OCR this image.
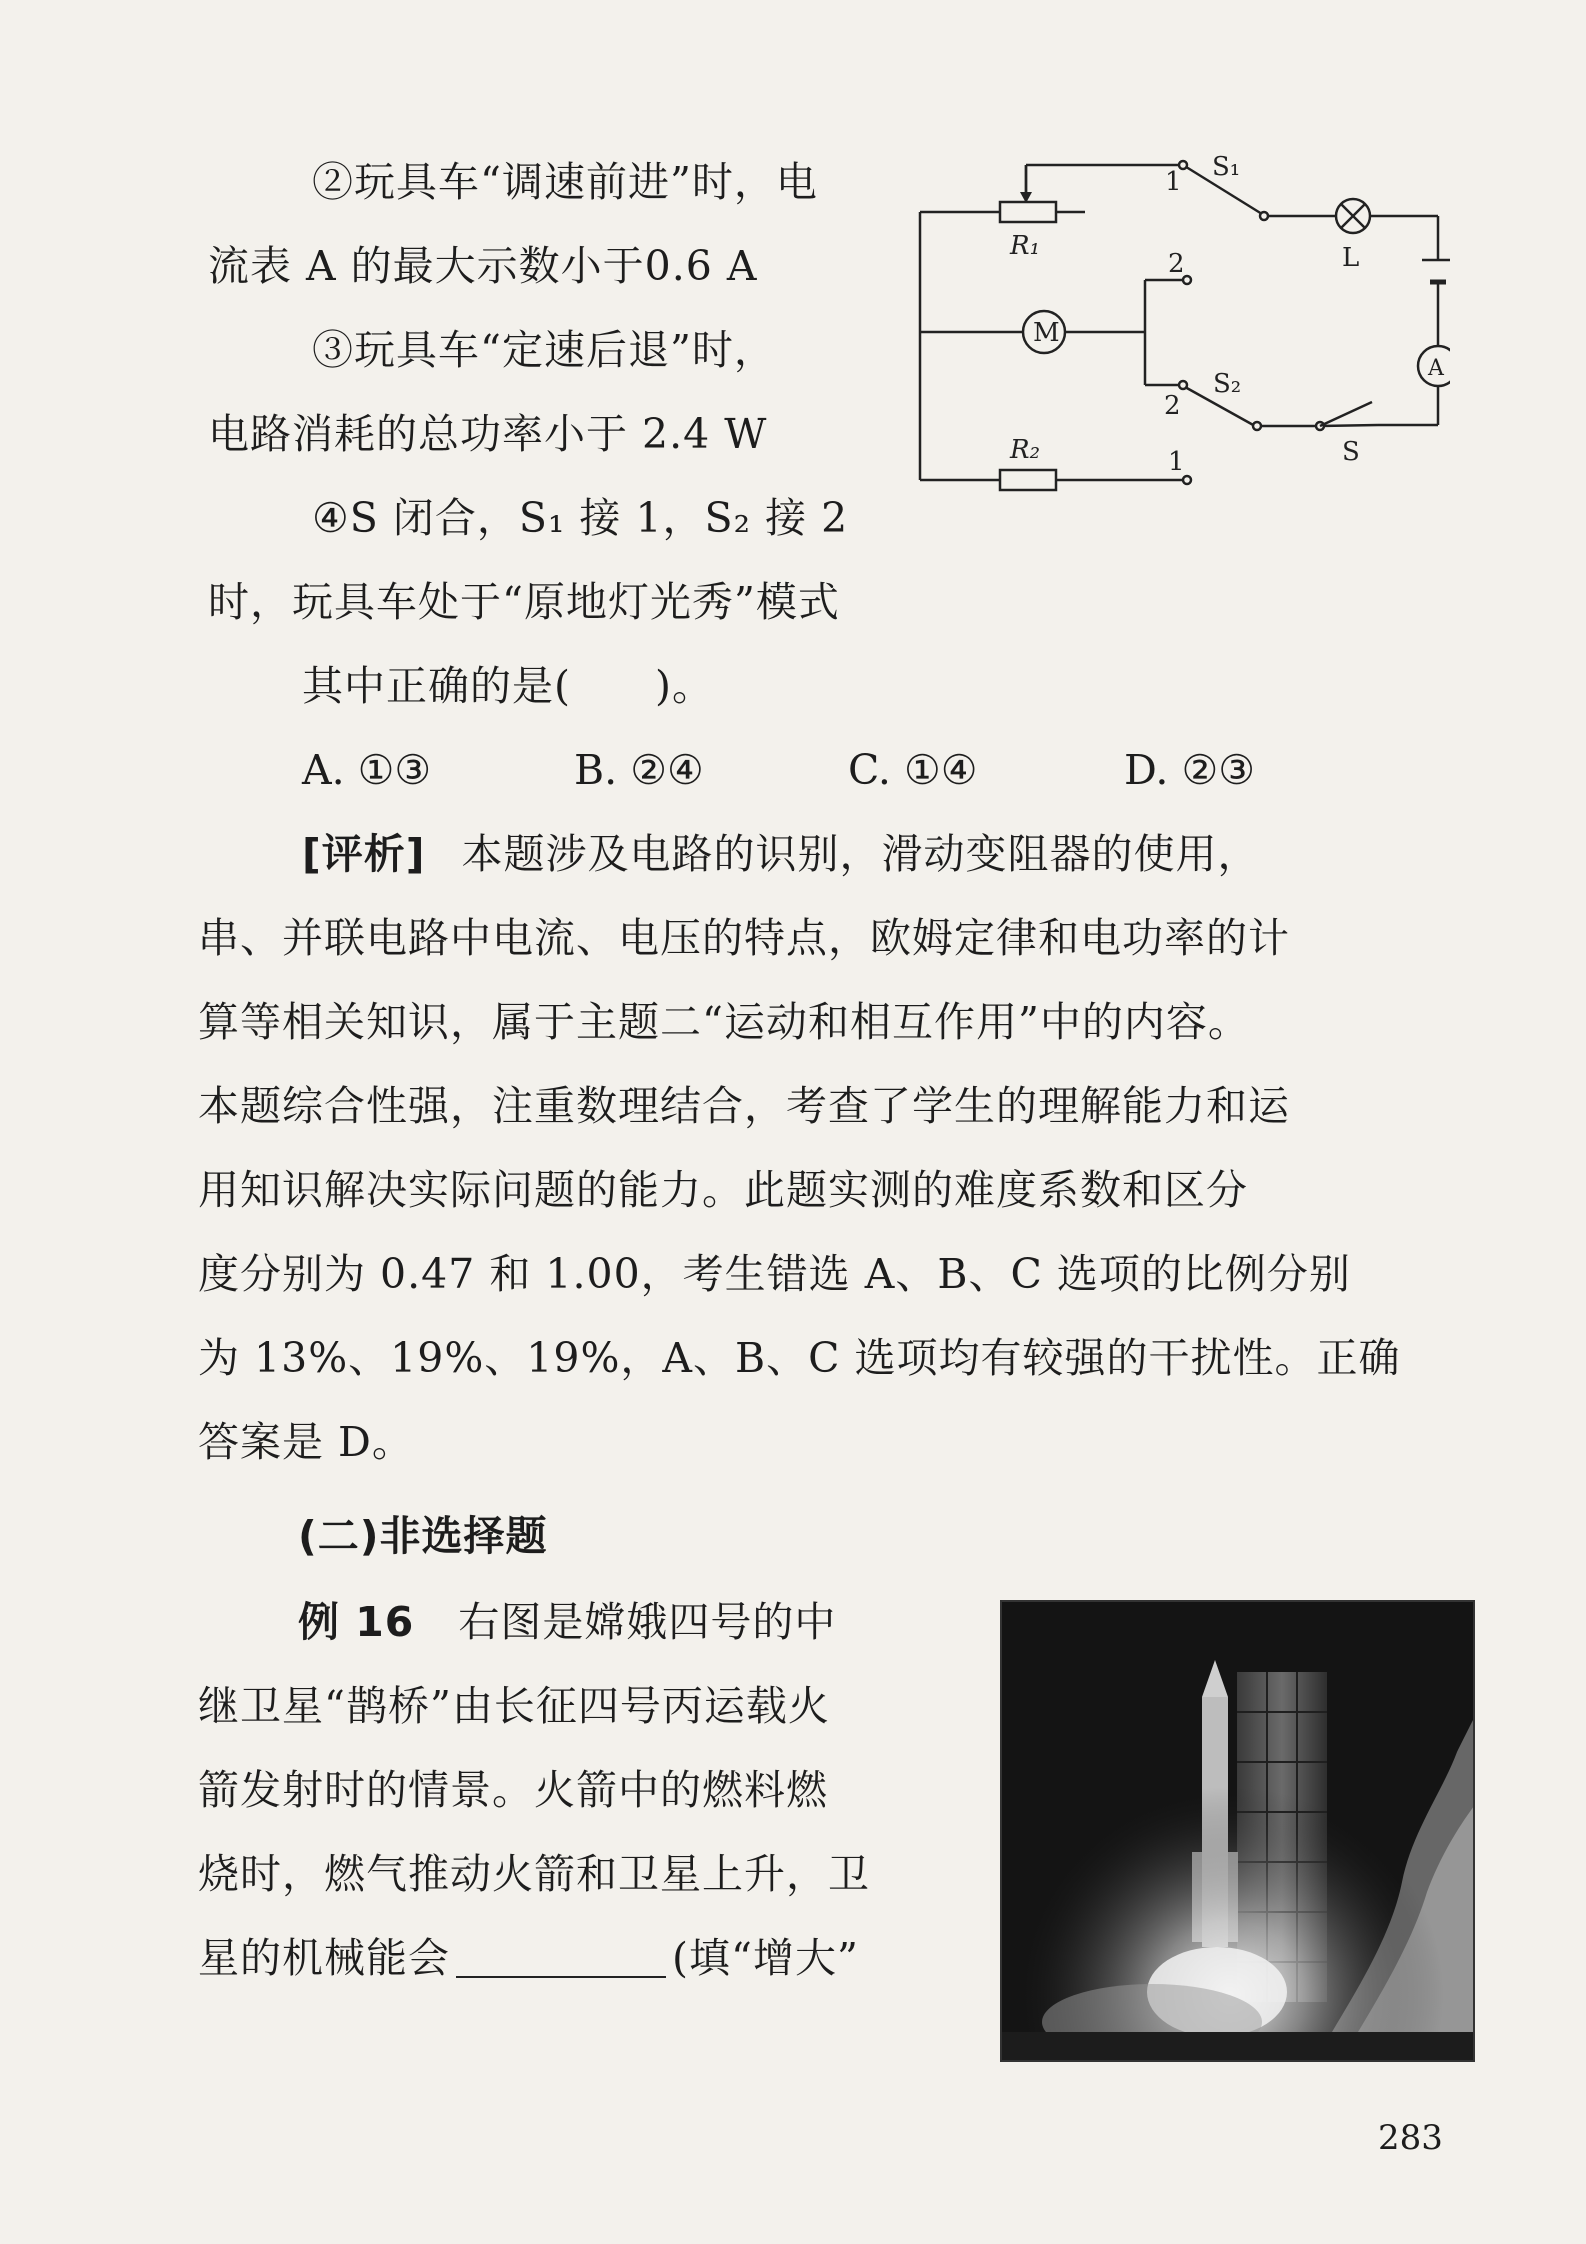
②玩具车“调速前进”时，电
流表 A 的最大示数小于0.6 A
③玩具车“定速后退”时，
电路消耗的总功率小于 2.4 W
④S 闭合，S₁ 接 1，S₂ 接 2
时，玩具车处于“原地灯光秀”模式
其中正确的是(　　)。
A. ①③	B. ②④	C. ①④	D. ②③
[评析] 本题涉及电路的识别，滑动变阻器的使用，
串、并联电路中电流、电压的特点，欧姆定律和电功率的计
算等相关知识，属于主题二“运动和相互作用”中的内容。
本题综合性强，注重数理结合，考查了学生的理解能力和运
用知识解决实际问题的能力。此题实测的难度系数和区分
度分别为 0.47 和 1.00，考生错选 A、B、C 选项的比例分别
为 13%、19%、19%，A、B、C 选项均有较强的干扰性。正确
答案是 D。
(二)非选择题
例 16 右图是嫦娥四号的中
继卫星“鹊桥”由长征四号丙运载火
箭发射时的情景。火箭中的燃料燃
烧时，燃气推动火箭和卫星上升，卫
星的机械能会	(填“增大”
R₁
R₂
M
L
A
S₁
S₂
S
1
2
2
1
283
